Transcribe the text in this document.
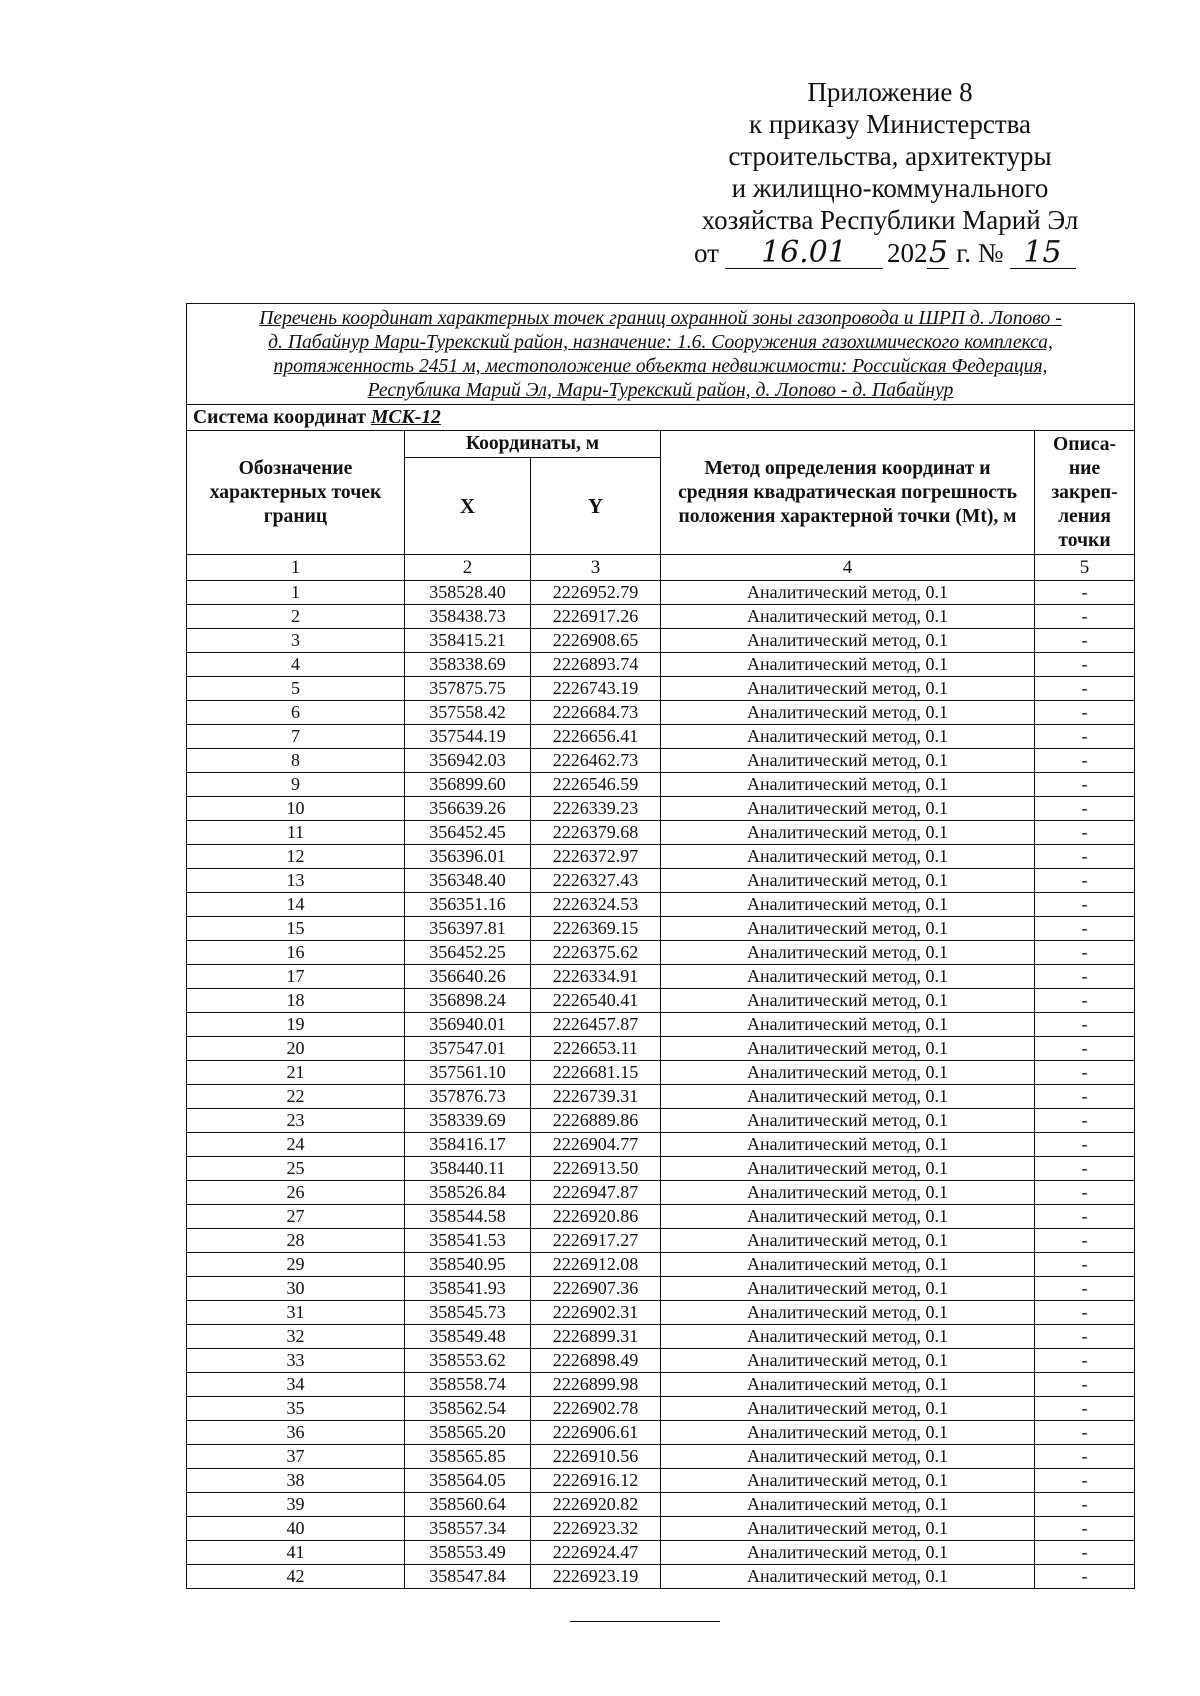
Приложение 8
к приказу Министерства
строительства, архитектуры
и жилищно-коммунального
хозяйства Республики Марий Эл
от 16.01 2025 г. № 15
Перечень координат характерных точек границ охранной зоны газопровода и ШРП д. Лопово -
д. Пабайнур Мари-Турекский район, назначение: 1.6. Сооружения газохимического комплекса,
протяженность 2451 м, местоположение объекта недвижимости: Российская Федерация,
Республика Марий Эл, Мари-Турекский район, д. Лопово - д. Пабайнур				

Система координат МСК-12				
Обозначение характерных точек границ	Координаты, м		Метод определения координат и средняя квадратическая погрешность положения характерной точки (Mt), м	Описа- ние закреп- ления точки
	X	Y		
1	2	3	4	5
1	358528.40	2226952.79	Аналитический метод, 0.1	-
2	358438.73	2226917.26	Аналитический метод, 0.1	-
3	358415.21	2226908.65	Аналитический метод, 0.1	-
4	358338.69	2226893.74	Аналитический метод, 0.1	-
5	357875.75	2226743.19	Аналитический метод, 0.1	-
6	357558.42	2226684.73	Аналитический метод, 0.1	-
7	357544.19	2226656.41	Аналитический метод, 0.1	-
8	356942.03	2226462.73	Аналитический метод, 0.1	-
9	356899.60	2226546.59	Аналитический метод, 0.1	-
10	356639.26	2226339.23	Аналитический метод, 0.1	-
11	356452.45	2226379.68	Аналитический метод, 0.1	-
12	356396.01	2226372.97	Аналитический метод, 0.1	-
13	356348.40	2226327.43	Аналитический метод, 0.1	-
14	356351.16	2226324.53	Аналитический метод, 0.1	-
15	356397.81	2226369.15	Аналитический метод, 0.1	-
16	356452.25	2226375.62	Аналитический метод, 0.1	-
17	356640.26	2226334.91	Аналитический метод, 0.1	-
18	356898.24	2226540.41	Аналитический метод, 0.1	-
19	356940.01	2226457.87	Аналитический метод, 0.1	-
20	357547.01	2226653.11	Аналитический метод, 0.1	-
21	357561.10	2226681.15	Аналитический метод, 0.1	-
22	357876.73	2226739.31	Аналитический метод, 0.1	-
23	358339.69	2226889.86	Аналитический метод, 0.1	-
24	358416.17	2226904.77	Аналитический метод, 0.1	-
25	358440.11	2226913.50	Аналитический метод, 0.1	-
26	358526.84	2226947.87	Аналитический метод, 0.1	-
27	358544.58	2226920.86	Аналитический метод, 0.1	-
28	358541.53	2226917.27	Аналитический метод, 0.1	-
29	358540.95	2226912.08	Аналитический метод, 0.1	-
30	358541.93	2226907.36	Аналитический метод, 0.1	-
31	358545.73	2226902.31	Аналитический метод, 0.1	-
32	358549.48	2226899.31	Аналитический метод, 0.1	-
33	358553.62	2226898.49	Аналитический метод, 0.1	-
34	358558.74	2226899.98	Аналитический метод, 0.1	-
35	358562.54	2226902.78	Аналитический метод, 0.1	-
36	358565.20	2226906.61	Аналитический метод, 0.1	-
37	358565.85	2226910.56	Аналитический метод, 0.1	-
38	358564.05	2226916.12	Аналитический метод, 0.1	-
39	358560.64	2226920.82	Аналитический метод, 0.1	-
40	358557.34	2226923.32	Аналитический метод, 0.1	-
41	358553.49	2226924.47	Аналитический метод, 0.1	-
42	358547.84	2226923.19	Аналитический метод, 0.1	-
